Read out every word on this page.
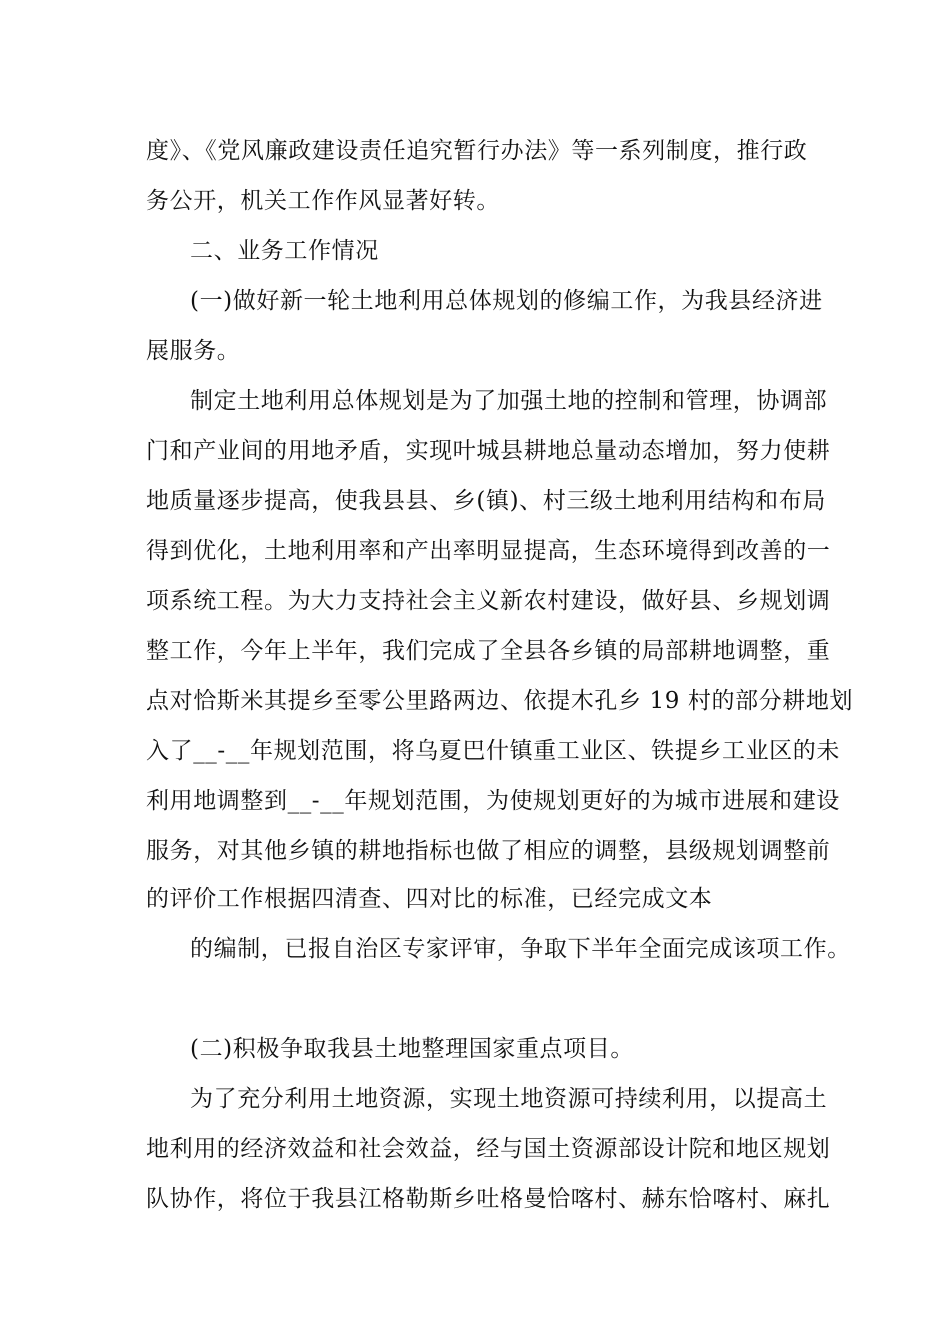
度》、《党风廉政建设责任追究暂行办法》等一系列制度，推行政

务公开，机关工作作风显著好转。

二、业务工作情况

(一)做好新一轮土地利用总体规划的修编工作，为我县经济进

展服务。

制定土地利用总体规划是为了加强土地的控制和管理，协调部

门和产业间的用地矛盾，实现叶城县耕地总量动态增加，努力使耕

地质量逐步提高，使我县县、乡(镇)、村三级土地利用结构和布局

得到优化，土地利用率和产出率明显提高，生态环境得到改善的一

项系统工程。为大力支持社会主义新农村建设，做好县、乡规划调

整工作，今年上半年，我们完成了全县各乡镇的局部耕地调整，重

点对恰斯米其提乡至零公里路两边、依提木孔乡 19 村的部分耕地划

入了__-__年规划范围，将乌夏巴什镇重工业区、铁提乡工业区的未

利用地调整到__-__年规划范围，为使规划更好的为城市进展和建设

服务，对其他乡镇的耕地指标也做了相应的调整，县级规划调整前

的评价工作根据四清查、四对比的标准，已经完成文本

的编制，已报自治区专家评审，争取下半年全面完成该项工作。

(二)积极争取我县土地整理国家重点项目。

为了充分利用土地资源，实现土地资源可持续利用，以提高土

地利用的经济效益和社会效益，经与国土资源部设计院和地区规划

队协作，将位于我县江格勒斯乡吐格曼恰喀村、赫东恰喀村、麻扎
